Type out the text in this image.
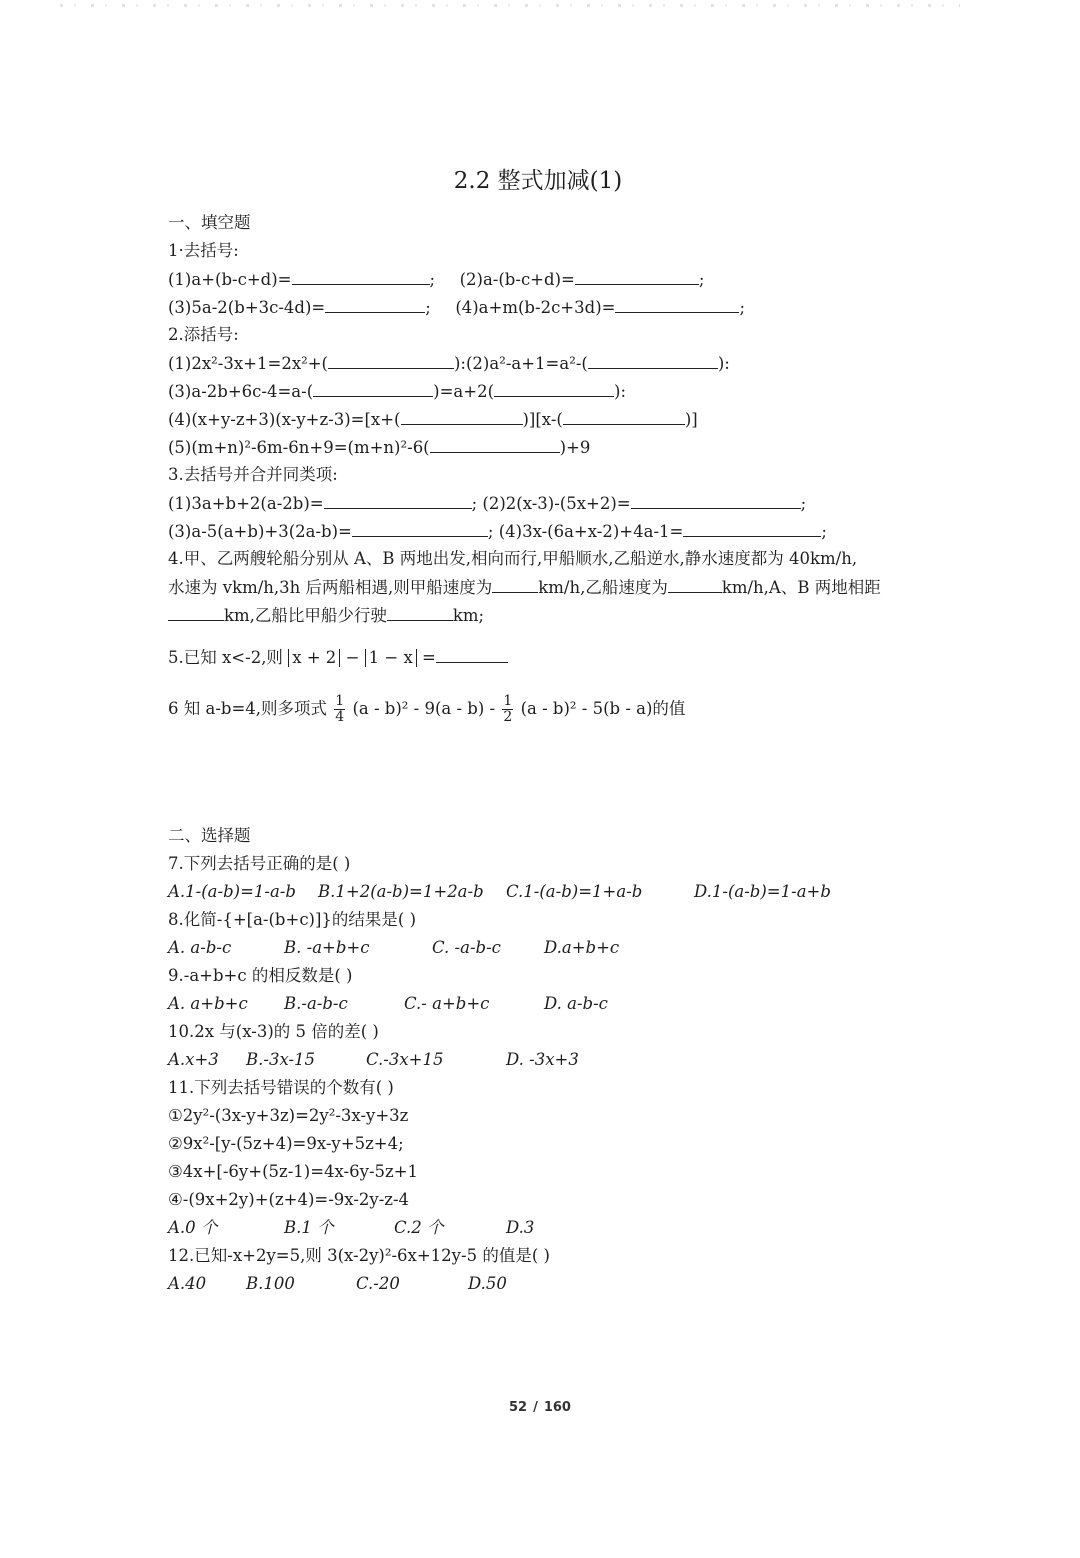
2.2 整式加减(1)
一、填空题
1·去括号:
(1)a+(b-c+d)=	; (2)a-(b-c+d)=	;
(3)5a-2(b+3c-4d)=	; (4)a+m(b-2c+3d)=	;
2.添括号:
(1)2x²-3x+1=2x²+(	):(2)a²-a+1=a²-(	):
(3)a-2b+6c-4=a-(	)=a+2(	):
(4)(x+y-z+3)(x-y+z-3)=[x+(	)][x-(	)]
(5)(m+n)²-6m-6n+9=(m+n)²-6(	)+9
3.去括号并合并同类项:
(1)3a+b+2(a-2b)=	; (2)2(x-3)-(5x+2)=	;
(3)a-5(a+b)+3(2a-b)=	; (4)3x-(6a+x-2)+4a-1=	;
4.甲、乙两艘轮船分别从 A、B 两地出发,相向而行,甲船顺水,乙船逆水,静水速度都为 40km/h,
水速为 vkm/h,3h 后两船相遇,则甲船速度为	km/h,乙船速度为	km/h,A、B 两地相距
km,乙船比甲船少行驶	km;
5.已知 x<-2,则 x + 2 − 1 − x =
6 知 a-b=4,则多项式 $\frac{1}{4} (a - b)^2 - 9(a - b) - \frac{1}{2} (a - b)^2 - 5(b - a)$的值
二、选择题
7.下列去括号正确的是( )
A.1-(a-b)=1-a-b B.1+2(a-b)=1+2a-b C.1-(a-b)=1+a-b	D.1-(a-b)=1-a+b
8.化简-{+[a-(b+c)]}的结果是( )
A. a-b-c	B. -a+b+c	C. -a-b-c	D.a+b+c
9.-a+b+c 的相反数是( )
A. a+b+c B.-a-b-c	C.- a+b+c	D. a-b-c
10.2x 与(x-3)的 5 倍的差( )
A.x+3 B.-3x-15	C.-3x+15	D. -3x+3
11.下列去括号错误的个数有( )
①2y²-(3x-y+3z)=2y²-3x-y+3z
②9x²-[y-(5z+4)=9x-y+5z+4;
③4x+[-6y+(5z-1)=4x-6y-5z+1
④-(9x+2y)+(z+4)=-9x-2y-z-4
A.0 个	B.1 个	C.2 个	D.3
12.已知-x+2y=5,则 3(x-2y)²-6x+12y-5 的值是( )
A.40 B.100	C.-20	D.50
52 / 160
